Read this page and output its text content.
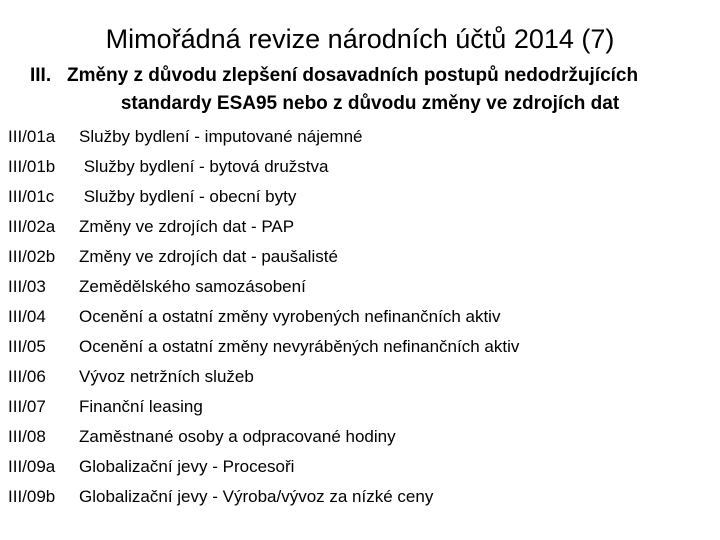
Mimořádná revize národních účtů 2014 (7)
III. Změny z důvodu zlepšení dosavadních postupů nedodržujících
standardy ESA95 nebo z důvodu změny ve zdrojích dat
III/01a	Služby bydlení - imputované nájemné
III/01b	Služby bydlení - bytová družstva
III/01c	Služby bydlení - obecní byty
III/02a	Změny ve zdrojích dat - PAP
III/02b	Změny ve zdrojích dat - paušalisté
III/03	Zemědělského samozásobení
III/04	Ocenění a ostatní změny vyrobených nefinančních aktiv
III/05	Ocenění a ostatní změny nevyráběných nefinančních aktiv
III/06	Vývoz netržních služeb
III/07	Finanční leasing
III/08	Zaměstnané osoby a odpracované hodiny
III/09a	Globalizační jevy - Procesoři
III/09b	Globalizační jevy - Výroba/vývoz za nízké ceny
